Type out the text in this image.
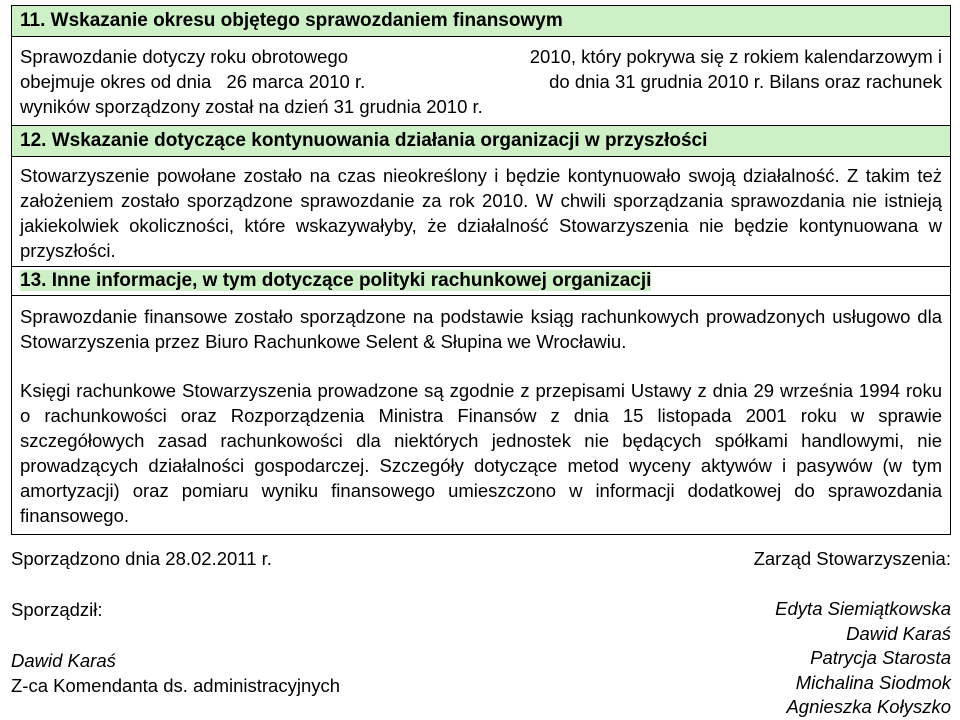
11. Wskazanie okresu objętego sprawozdaniem finansowym
Sprawozdanie dotyczy roku obrotowego	2010, który pokrywa się z rokiem kalendarzowym i
obejmuje okres od dnia 26 marca 2010 r.	do dnia 31 grudnia 2010 r. Bilans oraz rachunek
wyników sporządzony został na dzień 31 grudnia 2010 r.
12. Wskazanie dotyczące kontynuowania działania organizacji w przyszłości

Stowarzyszenie powołane zostało na czas nieokreślony i będzie kontynuowało swoją działalność. Z takim też założeniem zostało sporządzone sprawozdanie za rok 2010. W chwili sporządzania sprawozdania nie istnieją jakiekolwiek okoliczności, które wskazywałyby, że działalność Stowarzyszenia nie będzie kontynuowana w przyszłości.

13. Inne informacje, w tym dotyczące polityki rachunkowej organizacji

Sprawozdanie finansowe zostało sporządzone na podstawie ksiąg rachunkowych prowadzonych usługowo dla Stowarzyszenia przez Biuro Rachunkowe Selent & Słupina we Wrocławiu.

Księgi rachunkowe Stowarzyszenia prowadzone są zgodnie z przepisami Ustawy z dnia 29 września 1994 roku o rachunkowości oraz Rozporządzenia Ministra Finansów z dnia 15 listopada 2001 roku w sprawie szczegółowych zasad rachunkowości dla niektórych jednostek nie będących spółkami handlowymi, nie prowadzących działalności gospodarczej. Szczegóły dotyczące metod wyceny aktywów i pasywów (w tym amortyzacji) oraz pomiaru wyniku finansowego umieszczono w informacji dodatkowej do sprawozdania finansowego.

Sporządzono dnia 28.02.2011 r.
Sporządził:
Dawid Karaś
Z-ca Komendanta ds. administracyjnych
Zarząd Stowarzyszenia:
Edyta Siemiątkowska
Dawid Karaś
Patrycja Starosta
Michalina Siodmok
Agnieszka Kołyszko
